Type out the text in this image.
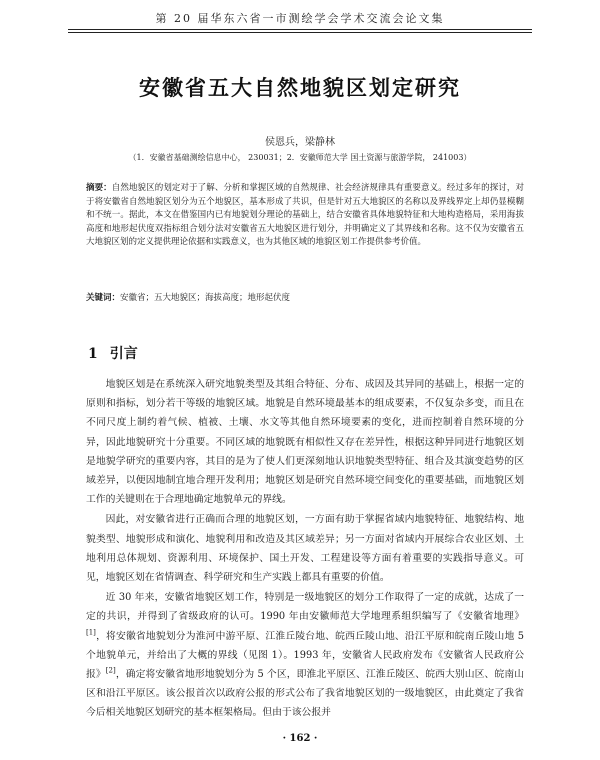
第 20 届华东六省一市测绘学会学术交流会论文集
安徽省五大自然地貌区划定研究
侯恩兵，梁静林
（1．安徽省基础测绘信息中心， 230031；2．安徽师范大学 国土资源与旅游学院， 241003）
摘要：自然地貌区的划定对于了解、分析和掌握区域的自然规律、社会经济规律具有重要意义。经过多年的探讨，对于将安徽省自然地貌区划分为五个地貌区，基本形成了共识，但是针对五大地貌区的名称以及界线界定上却仍显模糊和不统一。据此，本文在借鉴国内已有地貌划分理论的基础上，结合安徽省具体地貌特征和大地构造格局，采用海拔高度和地形起伏度双指标组合划分法对安徽省五大地貌区进行划分，并明确定义了其界线和名称。这不仅为安徽省五大地貌区划的定义提供理论依据和实践意义，也为其他区域的地貌区划工作提供参考价值。
关键词：安徽省；五大地貌区；海拔高度；地形起伏度
1 引言

地貌区划是在系统深入研究地貌类型及其组合特征、分布、成因及其异同的基础上，根据一定的原则和指标，划分若干等级的地貌区域。地貌是自然环境最基本的组成要素，不仅复杂多变，而且在不同尺度上制约着气候、植被、土壤、水文等其他自然环境要素的变化，进而控制着自然环境的分异，因此地貌研究十分重要。不同区域的地貌既有相似性又存在差异性，根据这种异同进行地貌区划是地貌学研究的重要内容，其目的是为了使人们更深刻地认识地貌类型特征、组合及其演变趋势的区域差异，以便因地制宜地合理开发利用；地貌区划是研究自然环境空间变化的重要基础，而地貌区划工作的关键则在于合理地确定地貌单元的界线。

因此，对安徽省进行正确而合理的地貌区划，一方面有助于掌握省域内地貌特征、地貌结构、地貌类型、地貌形成和演化、地貌利用和改造及其区域差异；另一方面对省域内开展综合农业区划、土地利用总体规划、资源利用、环境保护、国土开发、工程建设等方面有着重要的实践指导意义。可见，地貌区划在省情调查、科学研究和生产实践上都具有重要的价值。

近 30 年来，安徽省地貌区划工作，特别是一级地貌区的划分工作取得了一定的成就，达成了一定的共识，并得到了省级政府的认可。1990 年由安徽师范大学地理系组织编写了《安徽省地理》[1]，将安徽省地貌划分为淮河中游平原、江淮丘陵台地、皖西丘陵山地、沿江平原和皖南丘陵山地 5 个地貌单元，并给出了大概的界线（见图 1）。1993 年，安徽省人民政府发布《安徽省人民政府公报》[2]，确定将安徽省地形地貌划分为 5 个区，即淮北平原区、江淮丘陵区、皖西大别山区、皖南山区和沿江平原区。该公报首次以政府公报的形式公布了我省地貌区划的一级地貌区，由此奠定了我省今后相关地貌区划研究的基本框架格局。但由于该公报并

· 162 ·
